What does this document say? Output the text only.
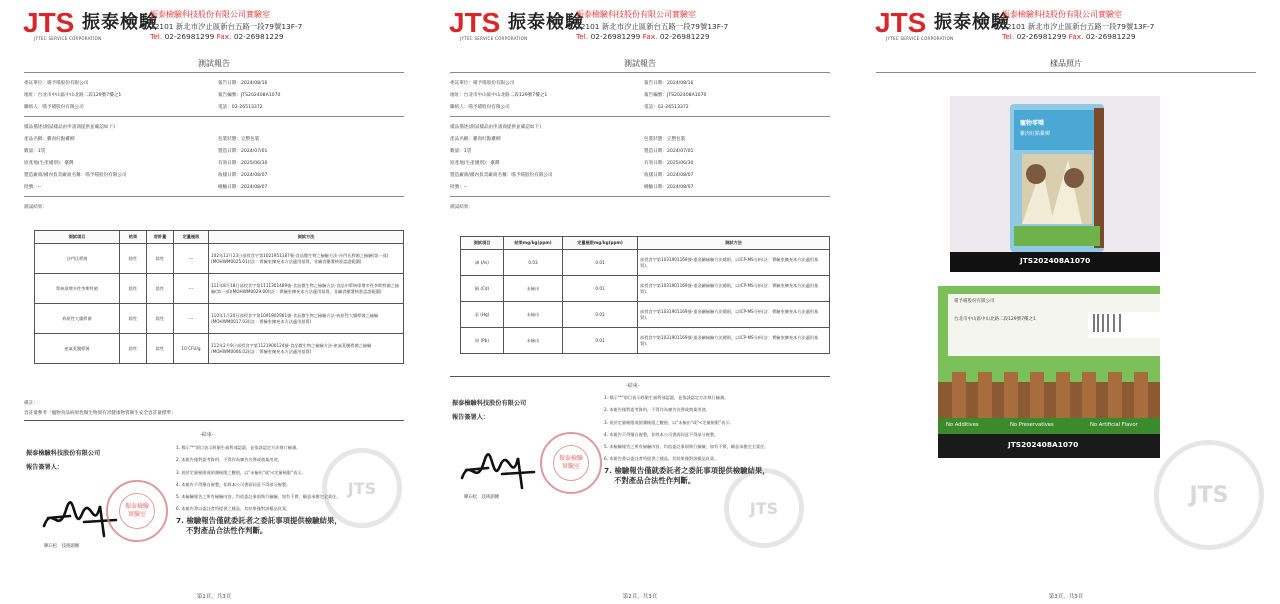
JTS 振泰檢驗
JYTEC SERVICE CORPORATION
振泰檢驗科技股份有限公司實驗室
22101 新北市汐止區新台五路一段79號13F-7
Tel. 02-26981299 Fax. 02-26981229
測試報告
委託單位：喵予喵股份有限公司	報告日期：2024/08/16
地址：台北市中山區中山北路二段129號7樓之1	報告編號：JTS202408A1070
聯絡人：喵予喵股份有限公司	電話：02-26513372
樣品描述(測試樣品由申請商提供並確認如下)
產品名稱：雞肉紅點雞柳	包裝狀態：完整包裝
數量：1袋	製造日期：2024/07/01
原產地(生產國別)：臺灣	有效日期：2025/06/30
製造廠商/國內負責廠商名稱：喵予喵股份有限公司	收樣日期：2024/08/07
批號：--	檢驗日期：2024/08/07
測試結果：
測試項目	結果	容許量	定量極限	測試方法
沙門氏桿菌	陰性	陰性	---	102年12月23日部授食字第1021951187號-食品微生物之檢驗方法-沙門氏桿菌之檢驗(第一部)(MOHWM0025.01)(註：實驗室擴充本方法適用基質，非屬食藥署核准認證範圍)
單核球增多性李斯特菌	陰性	陰性	---	111年8月18日部授食字第1111301489號-食品微生物之檢驗方法-食品中單核球增多性李斯特菌之檢驗(第一部)(MOHWM0029.00)(註：實驗室擴充本方法適用基質，非屬食藥署核准認證範圍)
病原性大腸桿菌	陰性	陰性	---	110年1月20日部授食字第1091902961號-食品微生物之檢驗方法-病原性大腸桿菌之檢驗(MOHWM0017.03)(註：實驗室擴充本方法適用基質)
產氣莢膜桿菌	陰性	陰性	10 CFU/g	112年2月9日部授食字第1121900124號-食品微生物之檢驗方法-產氣莢膜桿菌之檢驗(MOHWM0006.02)(註：實驗室擴充本方法適用基質)
備註：
容許量參考「寵物食品病原性微生物與有害健康物質衛生安全容許量標準」
-結束-
振泰檢驗科技股份有限公司
報告簽署人：
振泰檢驗
實驗室
陳石松　技術副總
JTS
1. 標示"*"項目表示經衛生福利部認證，並依該認定方法執行檢測。
2. 本報告僅對委考資料，不得作為廣告宣傳或商業用途。
3. 低於定量極限或偵測極限之數值，以"未檢出"或"<定量極限"表示。
4. 本報告不得擅自複製，非經本公司書面同意不得部分複製。
5. 本檢驗報告之所有檢驗內容，均依委託事項執行檢驗，如有不實，願意承擔完全責任。
6. 本報告書以委託者所提供之樣品，其結果僅對該樣品負責。
7. 檢驗報告僅就委託者之委託事項提供檢驗結果，
不對產品合法性作判斷。
第1頁，共3頁
JTS 振泰檢驗
JYTEC SERVICE CORPORATION
振泰檢驗科技股份有限公司實驗室
22101 新北市汐止區新台五路一段79號13F-7
Tel. 02-26981299 Fax. 02-26981229
測試報告
委託單位：喵予喵股份有限公司	報告日期：2024/08/16
地址：台北市中山區中山北路二段129號7樓之1	報告編號：JTS202408A1070
聯絡人：喵予喵股份有限公司	電話：02-26513372
樣品描述(測試樣品由申請商提供並確認如下)
產品名稱：雞肉紅點雞柳	包裝狀態：完整包裝
數量：1袋	製造日期：2024/07/01
原產地(生產國別)：臺灣	有效日期：2025/06/30
製造廠商/國內負責廠商名稱：喵予喵股份有限公司	收樣日期：2024/08/07
批號：--	檢驗日期：2024/08/07
測試結果：
測試項目	結果mg/kg(ppm)	定量極限mg/kg(ppm)	測試方法
砷 (As)	0.03	0.01	部授食字第1031901169號-重金屬檢驗方法總則，以ICP-MS分析(註：實驗室擴充本方法適用基質)。
鎘 (Cd)	未檢出	0.01	部授食字第1031901169號-重金屬檢驗方法總則，以ICP-MS分析(註：實驗室擴充本方法適用基質)。
汞 (Hg)	未檢出	0.01	部授食字第1031901169號-重金屬檢驗方法總則，以ICP-MS分析(註：實驗室擴充本方法適用基質)。
鉛 (Pb)	未檢出	0.01	部授食字第1031901169號-重金屬檢驗方法總則，以ICP-MS分析(註：實驗室擴充本方法適用基質)。
-結束-
振泰檢驗科技股份有限公司
報告簽署人：
振泰檢驗
實驗室
陳石松　技術副總
JTS
1. 標示"*"項目表示經衛生福利部認證，並依該認定方法執行檢測。
2. 本報告僅對委考資料，不得作為廣告宣傳或商業用途。
3. 低於定量極限或偵測極限之數值，以"未檢出"或"<定量極限"表示。
4. 本報告不得擅自複製，非經本公司書面同意不得部分複製。
5. 本檢驗報告之所有檢驗內容，均依委託事項執行檢驗，如有不實，願意承擔完全責任。
6. 本報告書以委託者所提供之樣品，其結果僅對該樣品負責。
7. 檢驗報告僅就委託者之委託事項提供檢驗結果，
不對產品合法性作判斷。
第2頁，共3頁
JTS 振泰檢驗
JYTEC SERVICE CORPORATION
振泰檢驗科技股份有限公司實驗室
22101 新北市汐止區新台五路一段79號13F-7
Tel. 02-26981299 Fax. 02-26981229
樣品照片
寵物零嘴
雞肉紅點雞柳
JTS202408A1070
喵予喵股份有限公司
台北市中山區中山北路二段129號7樓之1
No Additives	No Preservatives	No Artificial Flavor
JTS202408A1070
JTS
第3頁，共3頁
